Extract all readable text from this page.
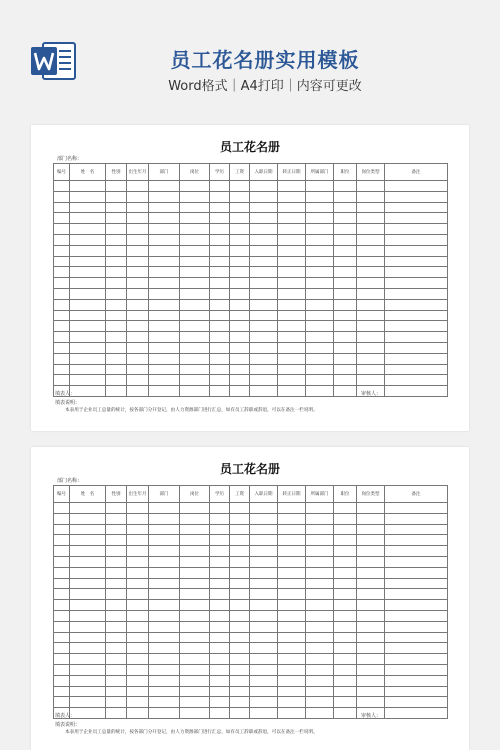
员工花名册实用模板
Word格式｜A4打印｜内容可更改
员工花名册
部门名称：
编号	姓　名	性别	出生年月	部门	岗位	学历	工资	入职日期	转正日期	所属部门	职位	岗位类型	备注

填表人：	审核人：
填表说明：
本表用于企业员工总量的统计，按各部门分开登记，由人力资源部门进行汇总，如有员工辞职或辞退，可以在备注一栏说明。
员工花名册
部门名称：
编号	姓　名	性别	出生年月	部门	岗位	学历	工资	入职日期	转正日期	所属部门	职位	岗位类型	备注

填表人：	审核人：
填表说明：
本表用于企业员工总量的统计，按各部门分开登记，由人力资源部门进行汇总，如有员工辞职或辞退，可以在备注一栏说明。
